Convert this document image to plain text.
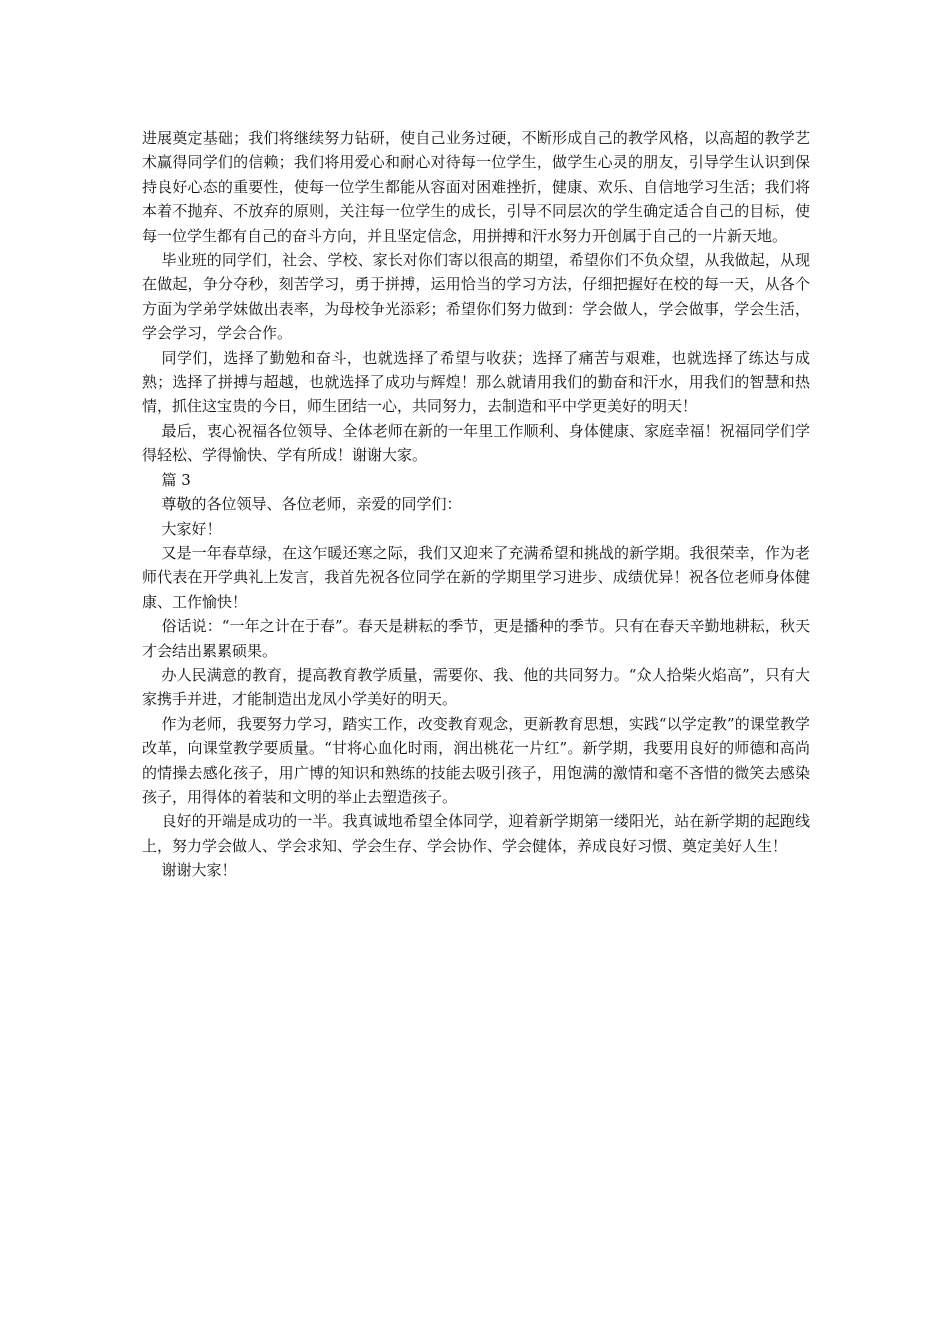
进展奠定基础；我们将继续努力钻研，使自己业务过硬，不断形成自己的教学风格，以高超的教学艺术赢得同学们的信赖；我们将用爱心和耐心对待每一位学生，做学生心灵的朋友，引导学生认识到保持良好心态的重要性，使每一位学生都能从容面对困难挫折，健康、欢乐、自信地学习生活；我们将本着不抛弃、不放弃的原则，关注每一位学生的成长，引导不同层次的学生确定适合自己的目标，使每一位学生都有自己的奋斗方向，并且坚定信念，用拼搏和汗水努力开创属于自己的一片新天地。

毕业班的同学们，社会、学校、家长对你们寄以很高的期望，希望你们不负众望，从我做起，从现在做起，争分夺秒，刻苦学习，勇于拼搏，运用恰当的学习方法，仔细把握好在校的每一天，从各个方面为学弟学妹做出表率，为母校争光添彩；希望你们努力做到：学会做人，学会做事，学会生活，学会学习，学会合作。

同学们，选择了勤勉和奋斗，也就选择了希望与收获；选择了痛苦与艰难，也就选择了练达与成熟；选择了拼搏与超越，也就选择了成功与辉煌！那么就请用我们的勤奋和汗水，用我们的智慧和热情，抓住这宝贵的今日，师生团结一心，共同努力，去制造和平中学更美好的明天！

最后，衷心祝福各位领导、全体老师在新的一年里工作顺利、身体健康、家庭幸福！祝福同学们学得轻松、学得愉快、学有所成！谢谢大家。

篇 3

尊敬的各位领导、各位老师，亲爱的同学们：

大家好！

又是一年春草绿，在这乍暖还寒之际，我们又迎来了充满希望和挑战的新学期。我很荣幸，作为老师代表在开学典礼上发言，我首先祝各位同学在新的学期里学习进步、成绩优异！祝各位老师身体健康、工作愉快！

俗话说：“一年之计在于春”。春天是耕耘的季节，更是播种的季节。只有在春天辛勤地耕耘，秋天才会结出累累硕果。

办人民满意的教育，提高教育教学质量，需要你、我、他的共同努力。“众人拾柴火焰高”，只有大家携手并进，才能制造出龙凤小学美好的明天。

作为老师，我要努力学习，踏实工作，改变教育观念，更新教育思想，实践“以学定教”的课堂教学改革，向课堂教学要质量。“甘将心血化时雨，润出桃花一片红”。新学期，我要用良好的师德和高尚的情操去感化孩子，用广博的知识和熟练的技能去吸引孩子，用饱满的激情和毫不吝惜的微笑去感染孩子，用得体的着装和文明的举止去塑造孩子。

良好的开端是成功的一半。我真诚地希望全体同学，迎着新学期第一缕阳光，站在新学期的起跑线上，努力学会做人、学会求知、学会生存、学会协作、学会健体，养成良好习惯、奠定美好人生！

谢谢大家！
